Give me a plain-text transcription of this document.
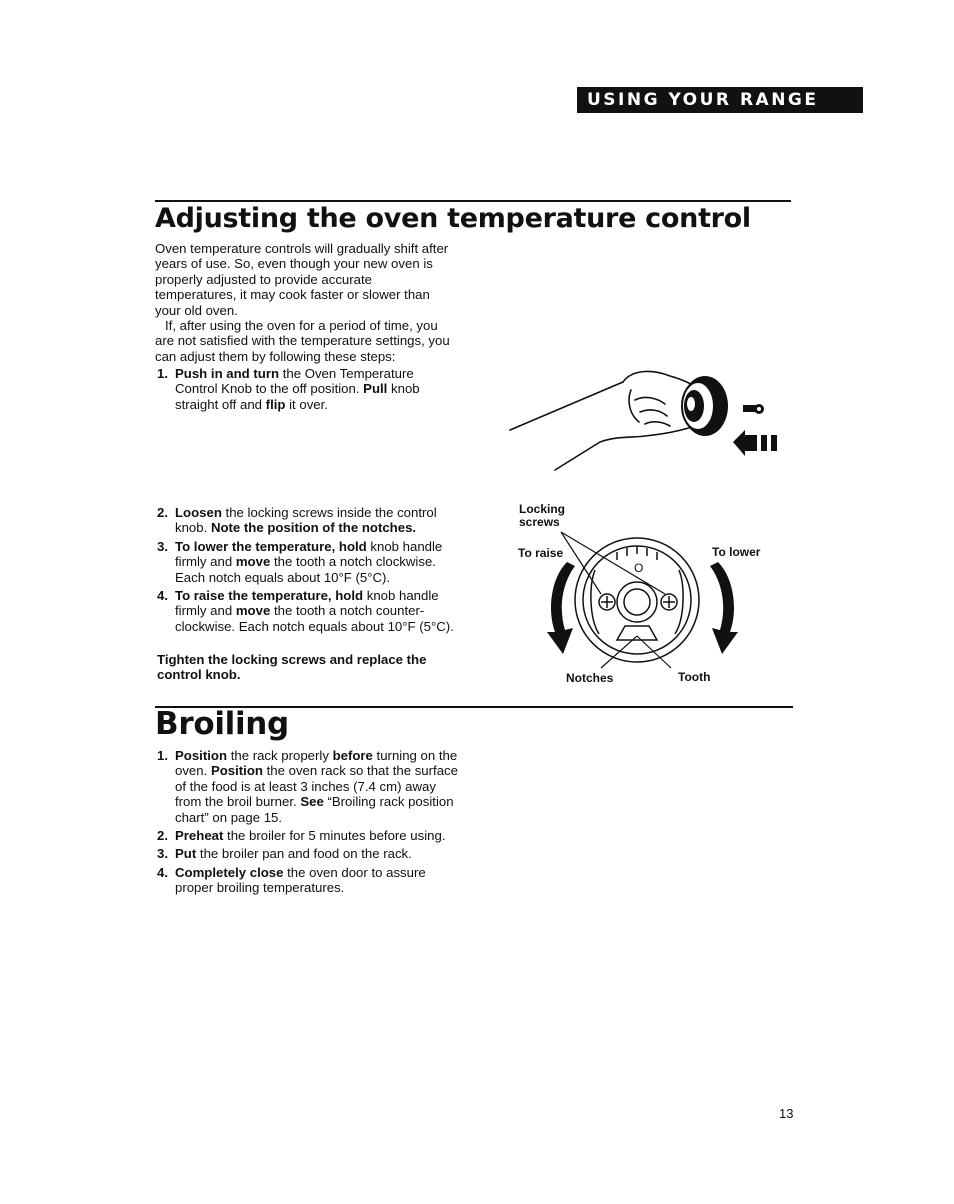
USING YOUR RANGE
Adjusting the oven temperature control

Oven temperature controls will gradually shift after years of use. So, even though your new oven is properly adjusted to provide accurate temperatures, it may cook faster or slower than your old oven.

If, after using the oven for a period of time, you are not satisfied with the temperature settings, you can adjust them by following these steps:

1. Push in and turn the Oven Temperature Control Knob to the off position. Pull knob straight off and flip it over.
2. Loosen the locking screws inside the control knob. Note the position of the notches.
3. To lower the temperature, hold knob handle firmly and move the tooth a notch clockwise. Each notch equals about 10°F (5°C).
4. To raise the temperature, hold knob handle firmly and move the tooth a notch counter-clockwise. Each notch equals about 10°F (5°C).

Tighten the locking screws and replace the control knob.

O
Locking screws
To raise	To lower
Notches	Tooth
Broiling
1. Position the rack properly before turning on the oven. Position the oven rack so that the surface of the food is at least 3 inches (7.4 cm) away from the broil burner. See “Broiling rack position chart” on page 15.
2. Preheat the broiler for 5 minutes before using.
3. Put the broiler pan and food on the rack.
4. Completely close the oven door to assure proper broiling temperatures.
13
